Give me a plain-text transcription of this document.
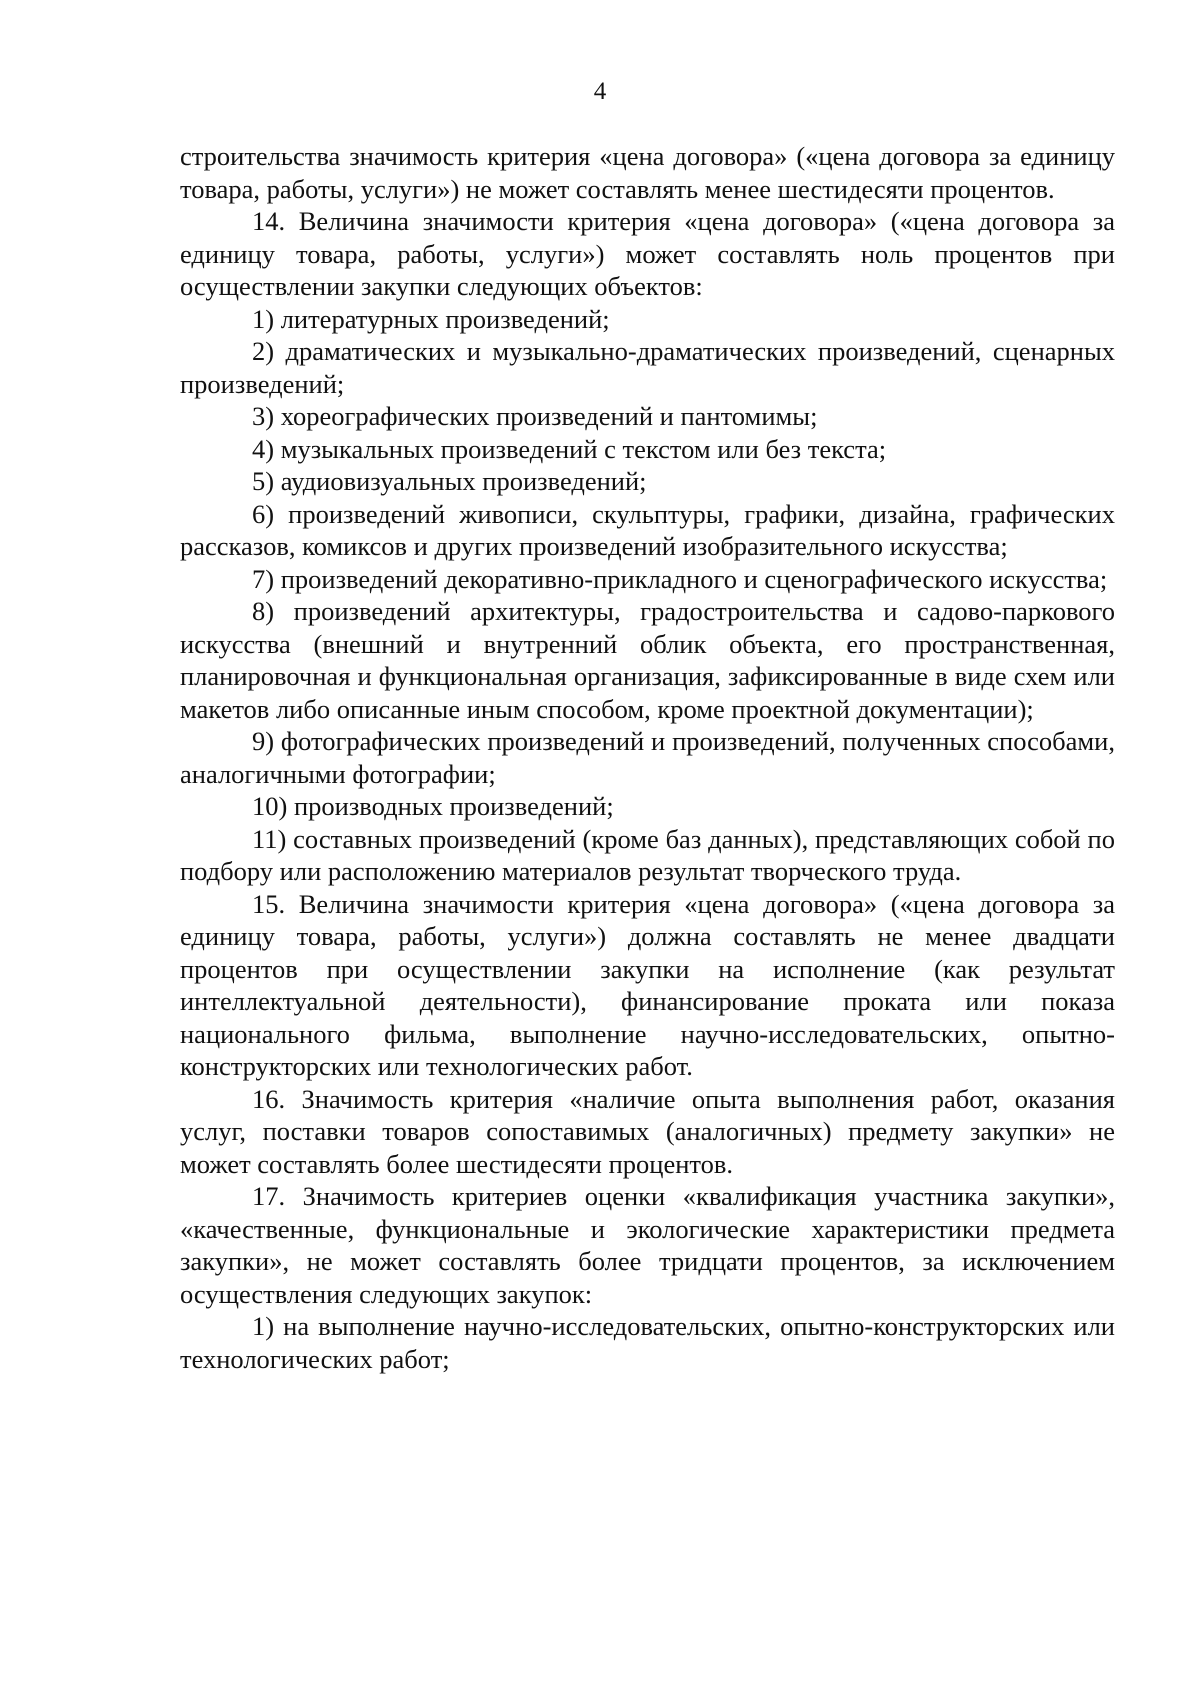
4

строительства значимость критерия «цена договора» («цена договора за единицу товара, работы, услуги») не может составлять менее шестидесяти процентов.

14. Величина значимости критерия «цена договора» («цена договора за единицу товара, работы, услуги») может составлять ноль процентов при осуществлении закупки следующих объектов:

1) литературных произведений;

2) драматических и музыкально-драматических произведений, сценарных произведений;

3) хореографических произведений и пантомимы;

4) музыкальных произведений с текстом или без текста;

5) аудиовизуальных произведений;

6) произведений живописи, скульптуры, графики, дизайна, графических рассказов, комиксов и других произведений изобразительного искусства;

7) произведений декоративно-прикладного и сценографического искусства;

8) произведений архитектуры, градостроительства и садово-паркового искусства (внешний и внутренний облик объекта, его пространственная, планировочная и функциональная организация, зафиксированные в виде схем или макетов либо описанные иным способом, кроме проектной документации);

9) фотографических произведений и произведений, полученных способами, аналогичными фотографии;

10) производных произведений;

11) составных произведений (кроме баз данных), представляющих собой по подбору или расположению материалов результат творческого труда.

15. Величина значимости критерия «цена договора» («цена договора за единицу товара, работы, услуги») должна составлять не менее двадцати процентов при осуществлении закупки на исполнение (как результат интеллектуальной деятельности), финансирование проката или показа национального фильма, выполнение научно-исследовательских, опытно-конструкторских или технологических работ.

16. Значимость критерия «наличие опыта выполнения работ, оказания услуг, поставки товаров сопоставимых (аналогичных) предмету закупки» не может составлять более шестидесяти процентов.

17. Значимость критериев оценки «квалификация участника закупки», «качественные, функциональные и экологические характеристики предмета закупки», не может составлять более тридцати процентов, за исключением осуществления следующих закупок:

1) на выполнение научно-исследовательских, опытно-конструкторских или технологических работ;
